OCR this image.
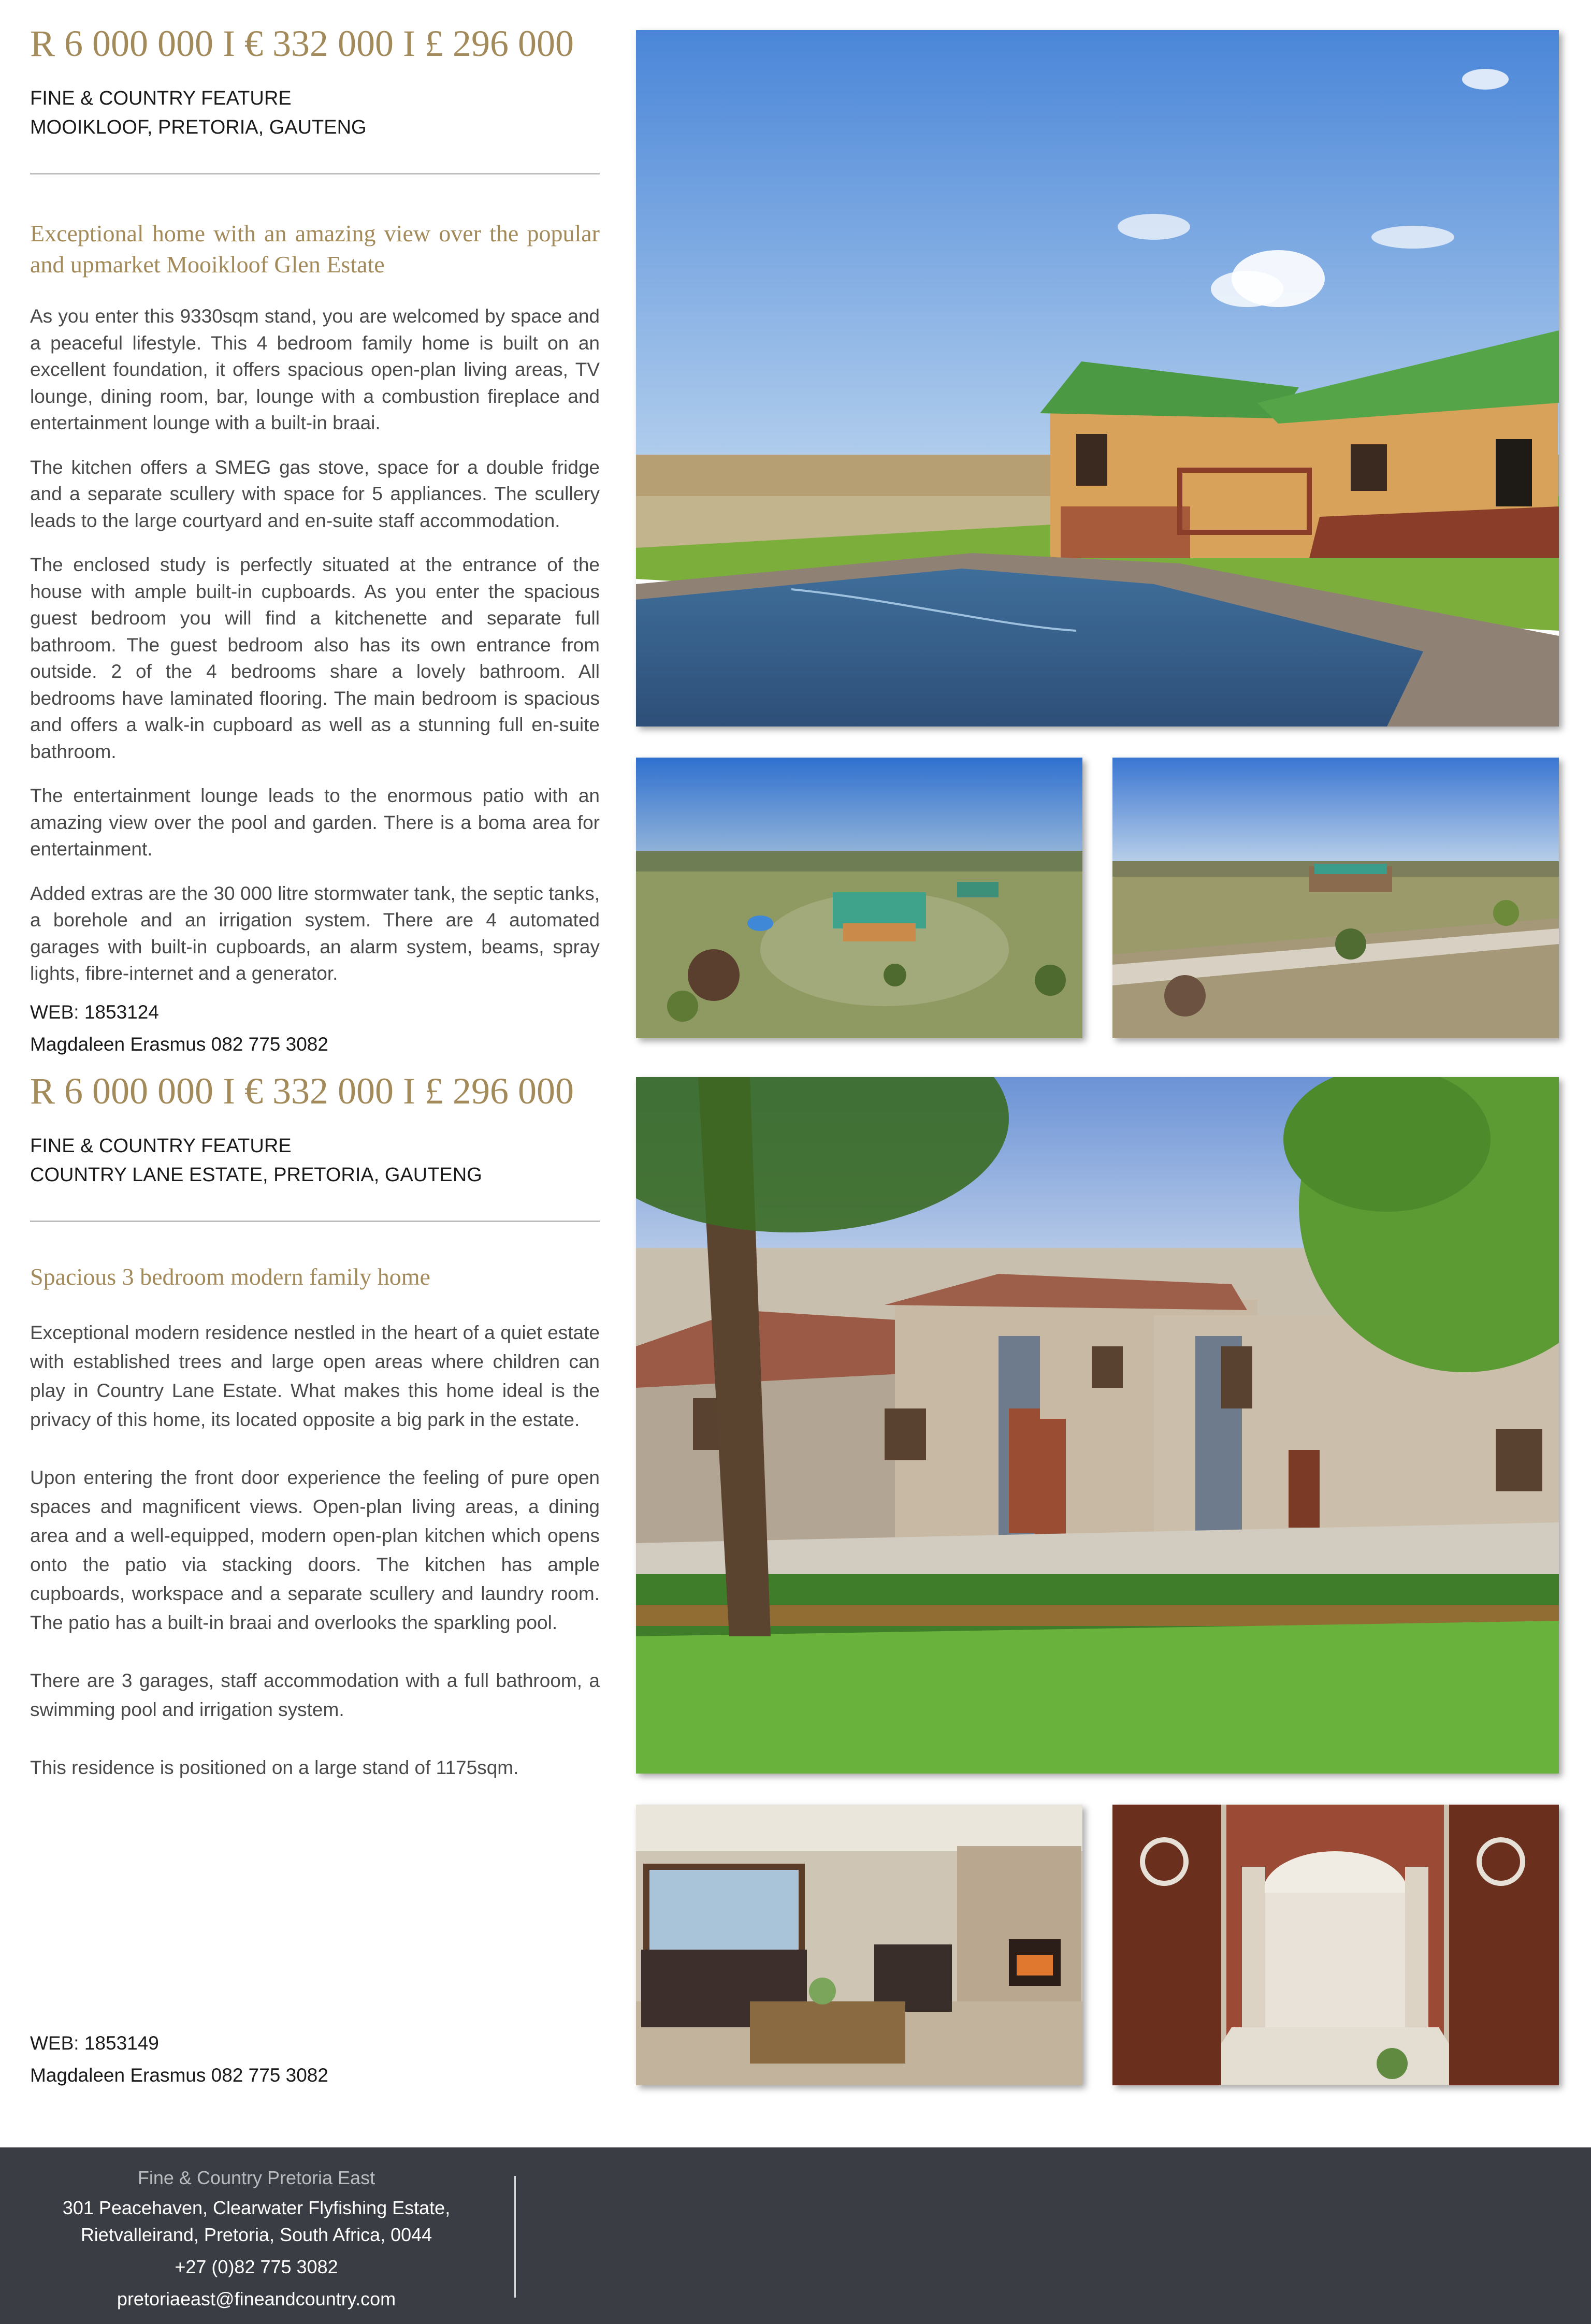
R 6 000 000 I € 332 000 I £ 296 000
FINE & COUNTRY FEATURE
MOOIKLOOF, PRETORIA, GAUTENG
Exceptional home with an amazing view over the popular and upmarket Mooikloof Glen Estate

As you enter this 9330sqm stand, you are welcomed by space and a peaceful lifestyle. This 4 bedroom family home is built on an excellent foundation, it offers spacious open-plan living areas, TV lounge, dining room, bar, lounge with a combustion fireplace and entertainment lounge with a built-in braai.

The kitchen offers a SMEG gas stove, space for a double fridge and a separate scullery with space for 5 appliances. The scullery leads to the large courtyard and en-suite staff accommodation.

The enclosed study is perfectly situated at the entrance of the house with ample built-in cupboards. As you enter the spacious guest bedroom you will find a kitchenette and separate full bathroom. The guest bedroom also has its own entrance from outside. 2 of the 4 bedrooms share a lovely bathroom. All bedrooms have laminated flooring. The main bedroom is spacious and offers a walk-in cupboard as well as a stunning full en-suite bathroom.

The entertainment lounge leads to the enormous patio with an amazing view over the pool and garden. There is a boma area for entertainment.

Added extras are the 30 000 litre stormwater tank, the septic tanks, a borehole and an irrigation system. There are 4 automated garages with built-in cupboards, an alarm system, beams, spray lights, fibre-internet and a generator.

WEB: 1853124
Magdaleen Erasmus 082 775 3082
R 6 000 000 I € 332 000 I £ 296 000
FINE & COUNTRY FEATURE
COUNTRY LANE ESTATE, PRETORIA, GAUTENG
Spacious 3 bedroom modern family home

Exceptional modern residence nestled in the heart of a quiet estate with established trees and large open areas where children can play in Country Lane Estate. What makes this home ideal is the privacy of this home, its located opposite a big park in the estate.

Upon entering the front door experience the feeling of pure open spaces and magnificent views. Open-plan living areas, a dining area and a well-equipped, modern open-plan kitchen which opens onto the patio via stacking doors. The kitchen has ample cupboards, workspace and a separate scullery and laundry room. The patio has a built-in braai and overlooks the sparkling pool.

There are 3 garages, staff accommodation with a full bathroom, a swimming pool and irrigation system.

This residence is positioned on a large stand of 1175sqm.

WEB: 1853149
Magdaleen Erasmus 082 775 3082
Fine & Country Pretoria East
301 Peacehaven, Clearwater Flyfishing Estate,
Rietvalleirand, Pretoria, South Africa, 0044
+27 (0)82 775 3082
pretoriaeast@fineandcountry.com
